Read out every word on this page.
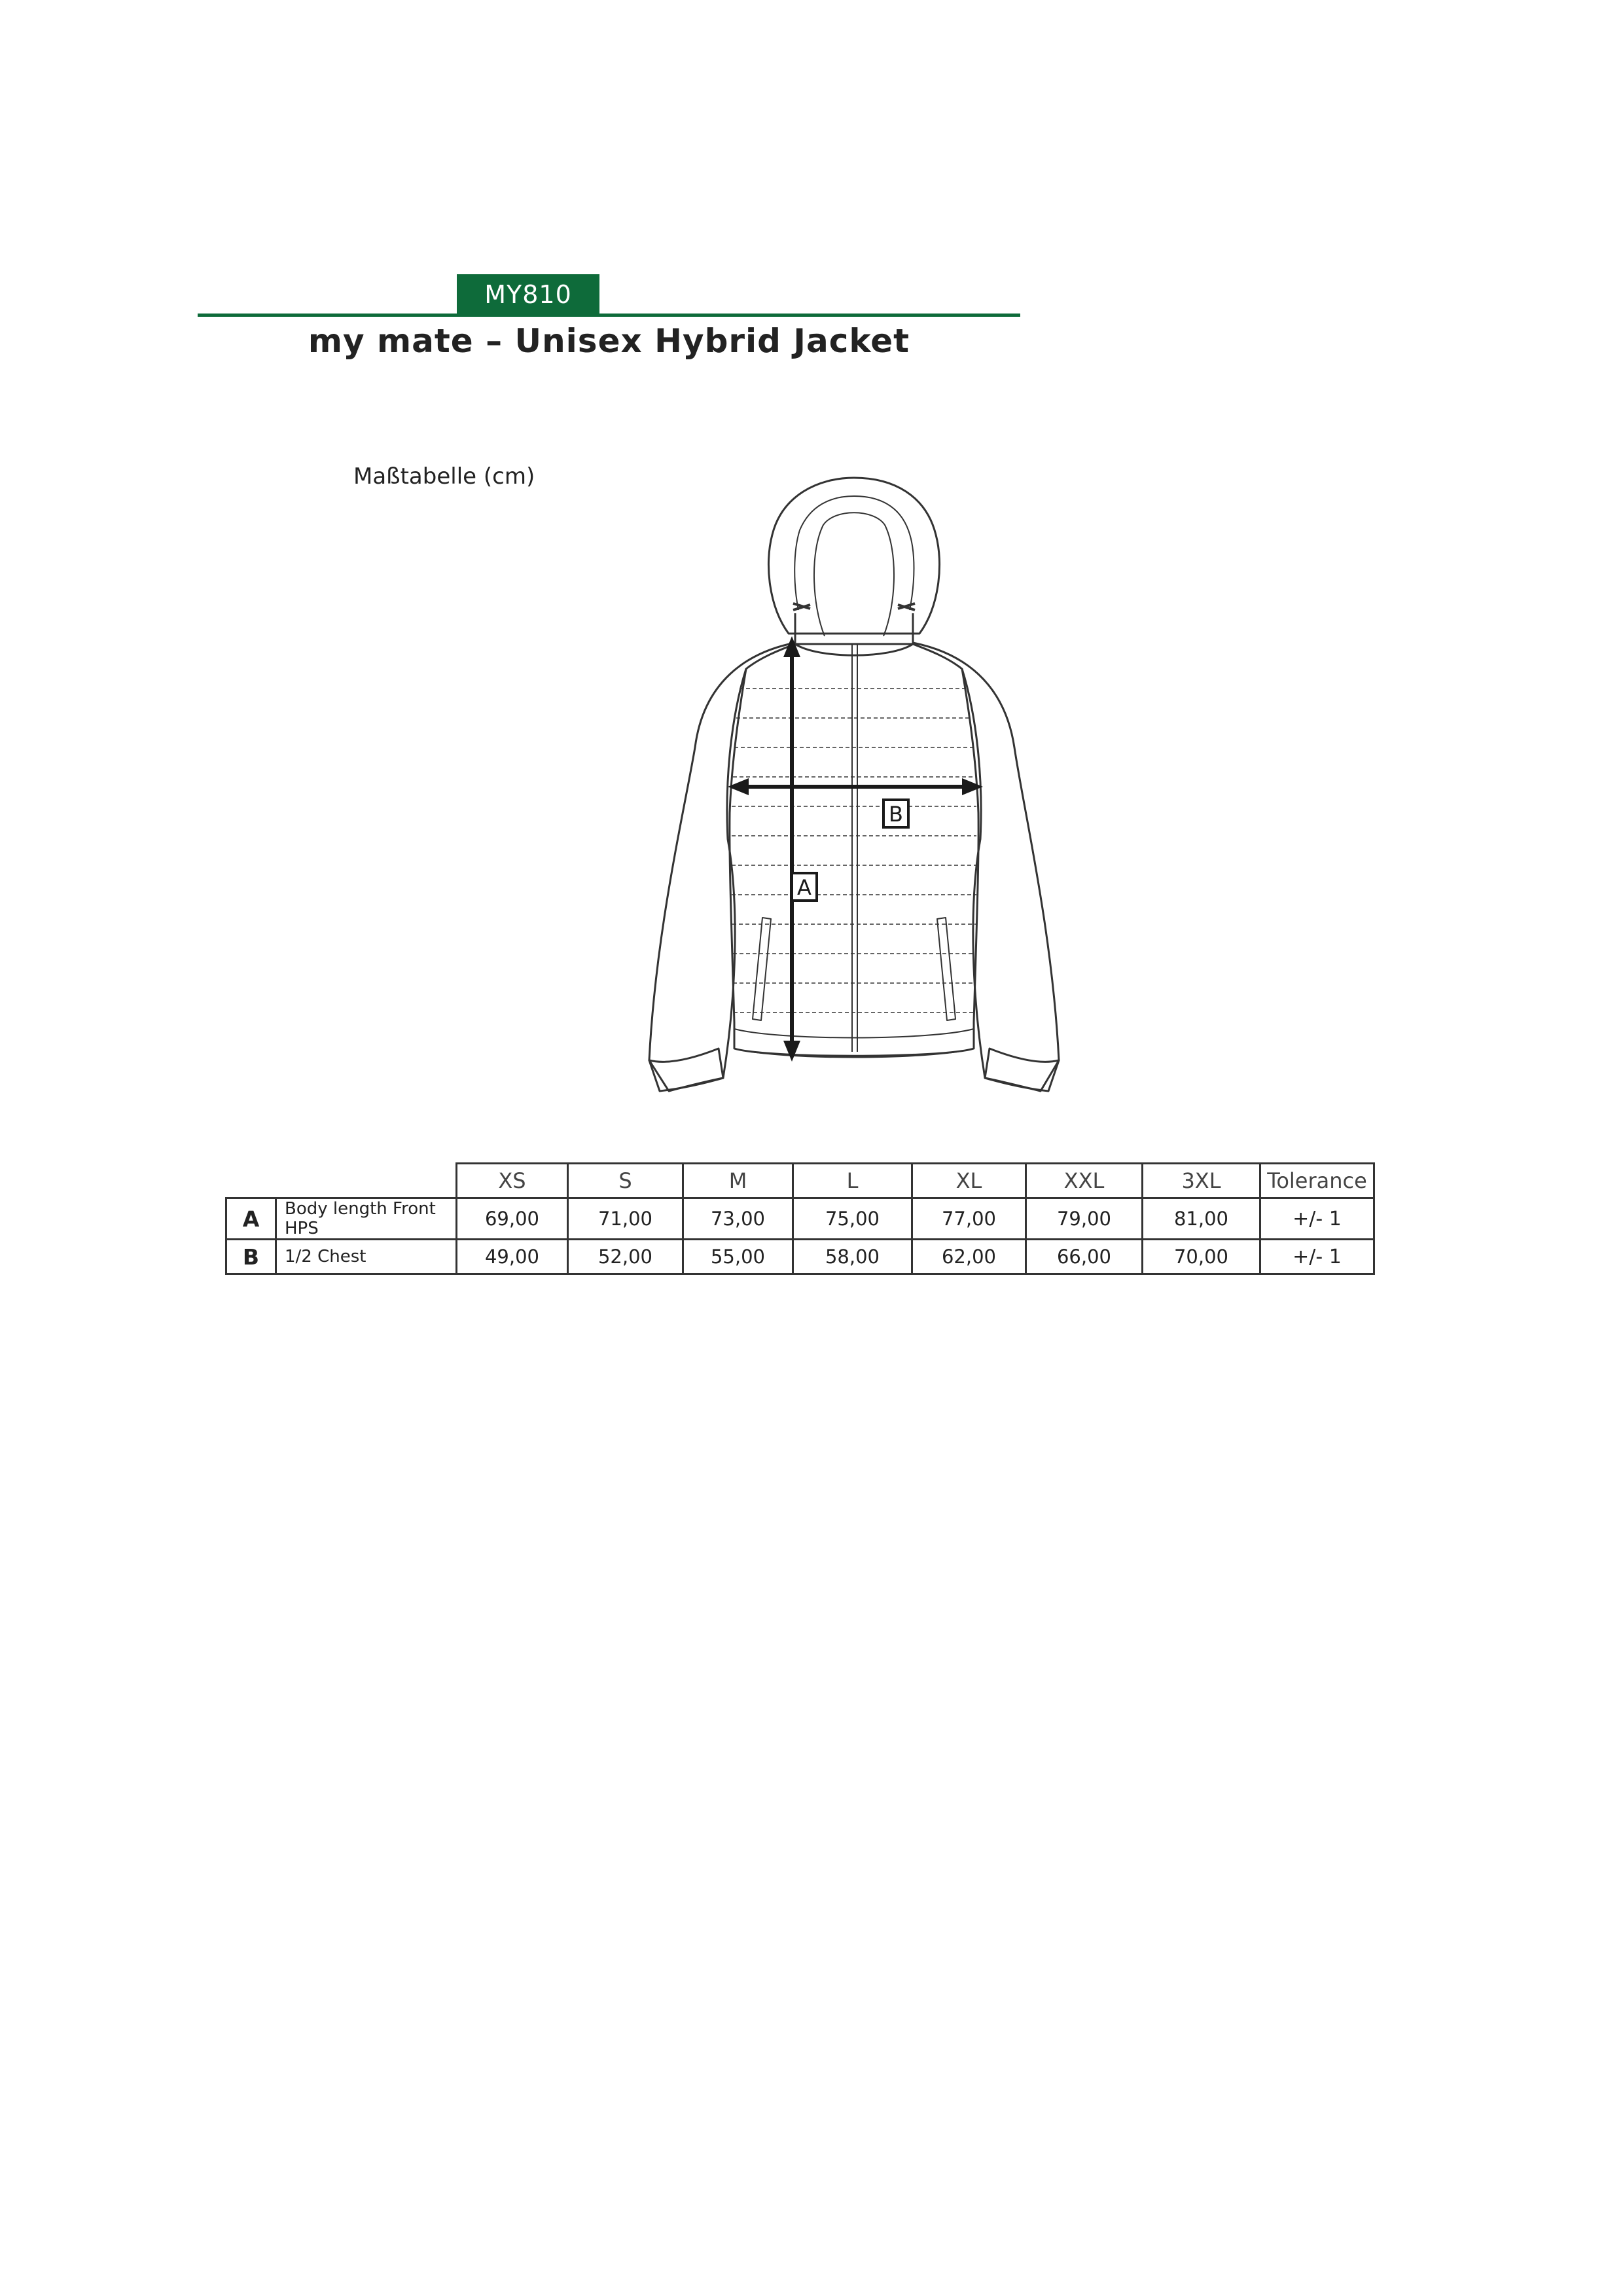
MY810
my mate – Unisex Hybrid Jacket
Maßtabelle (cm)
A
B
		XS	S	M	L	XL	XXL	3XL	Tolerance
A	Body length Front HPS	69,00	71,00	73,00	75,00	77,00	79,00	81,00	+/- 1
B	1/2 Chest	49,00	52,00	55,00	58,00	62,00	66,00	70,00	+/- 1
